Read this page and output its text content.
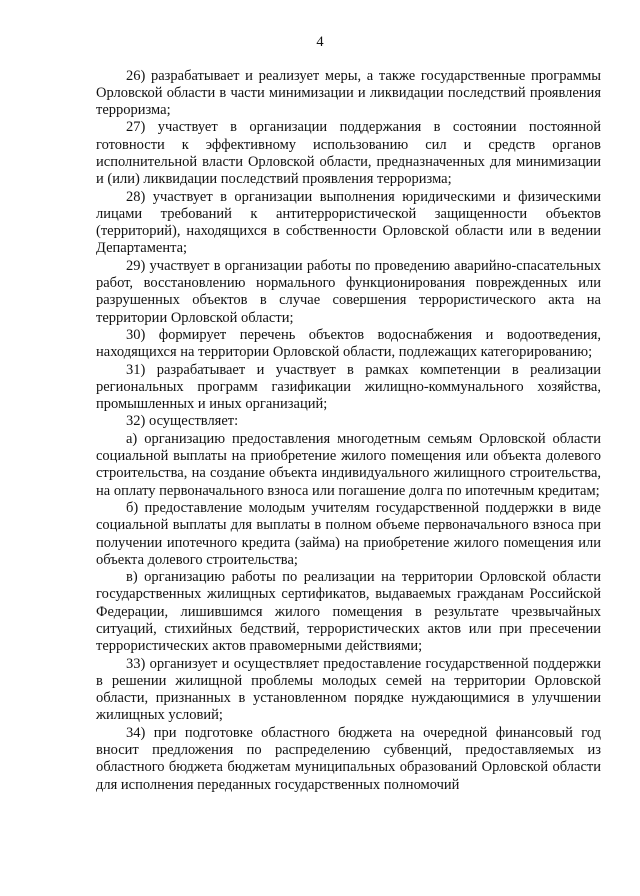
4

26) разрабатывает и реализует меры, а также государственные программы Орловской области в части минимизации и ликвидации последствий проявления терроризма;

27) участвует в организации поддержания в состоянии постоянной готовности к эффективному использованию сил и средств органов исполнительной власти Орловской области, предназначенных для минимизации и (или) ликвидации последствий проявления терроризма;

28) участвует в организации выполнения юридическими и физическими лицами требований к антитеррористической защищенности объектов (территорий), находящихся в собственности Орловской области или в ведении Департамента;

29) участвует в организации работы по проведению аварийно-спасательных работ, восстановлению нормального функционирования поврежденных или разрушенных объектов в случае совершения террористического акта на территории Орловской области;

30) формирует перечень объектов водоснабжения и водоотведения, находящихся на территории Орловской области, подлежащих категорированию;

31) разрабатывает и участвует в рамках компетенции в реализации региональных программ газификации жилищно-коммунального хозяйства, промышленных и иных организаций;

32) осуществляет:

а) организацию предоставления многодетным семьям Орловской области социальной выплаты на приобретение жилого помещения или объекта долевого строительства, на создание объекта индивидуального жилищного строительства, на оплату первоначального взноса или погашение долга по ипотечным кредитам;

б) предоставление молодым учителям государственной поддержки в виде социальной выплаты для выплаты в полном объеме первоначального взноса при получении ипотечного кредита (займа) на приобретение жилого помещения или объекта долевого строительства;

в) организацию работы по реализации на территории Орловской области государственных жилищных сертификатов, выдаваемых гражданам Российской Федерации, лишившимся жилого помещения в результате чрезвычайных ситуаций, стихийных бедствий, террористических актов или при пресечении террористических актов правомерными действиями;

33) организует и осуществляет предоставление государственной поддержки в решении жилищной проблемы молодых семей на территории Орловской области, признанных в установленном порядке нуждающимися в улучшении жилищных условий;

34) при подготовке областного бюджета на очередной финансовый год вносит предложения по распределению субвенций, предоставляемых из областного бюджета бюджетам муниципальных образований Орловской области для исполнения переданных государственных полномочий
